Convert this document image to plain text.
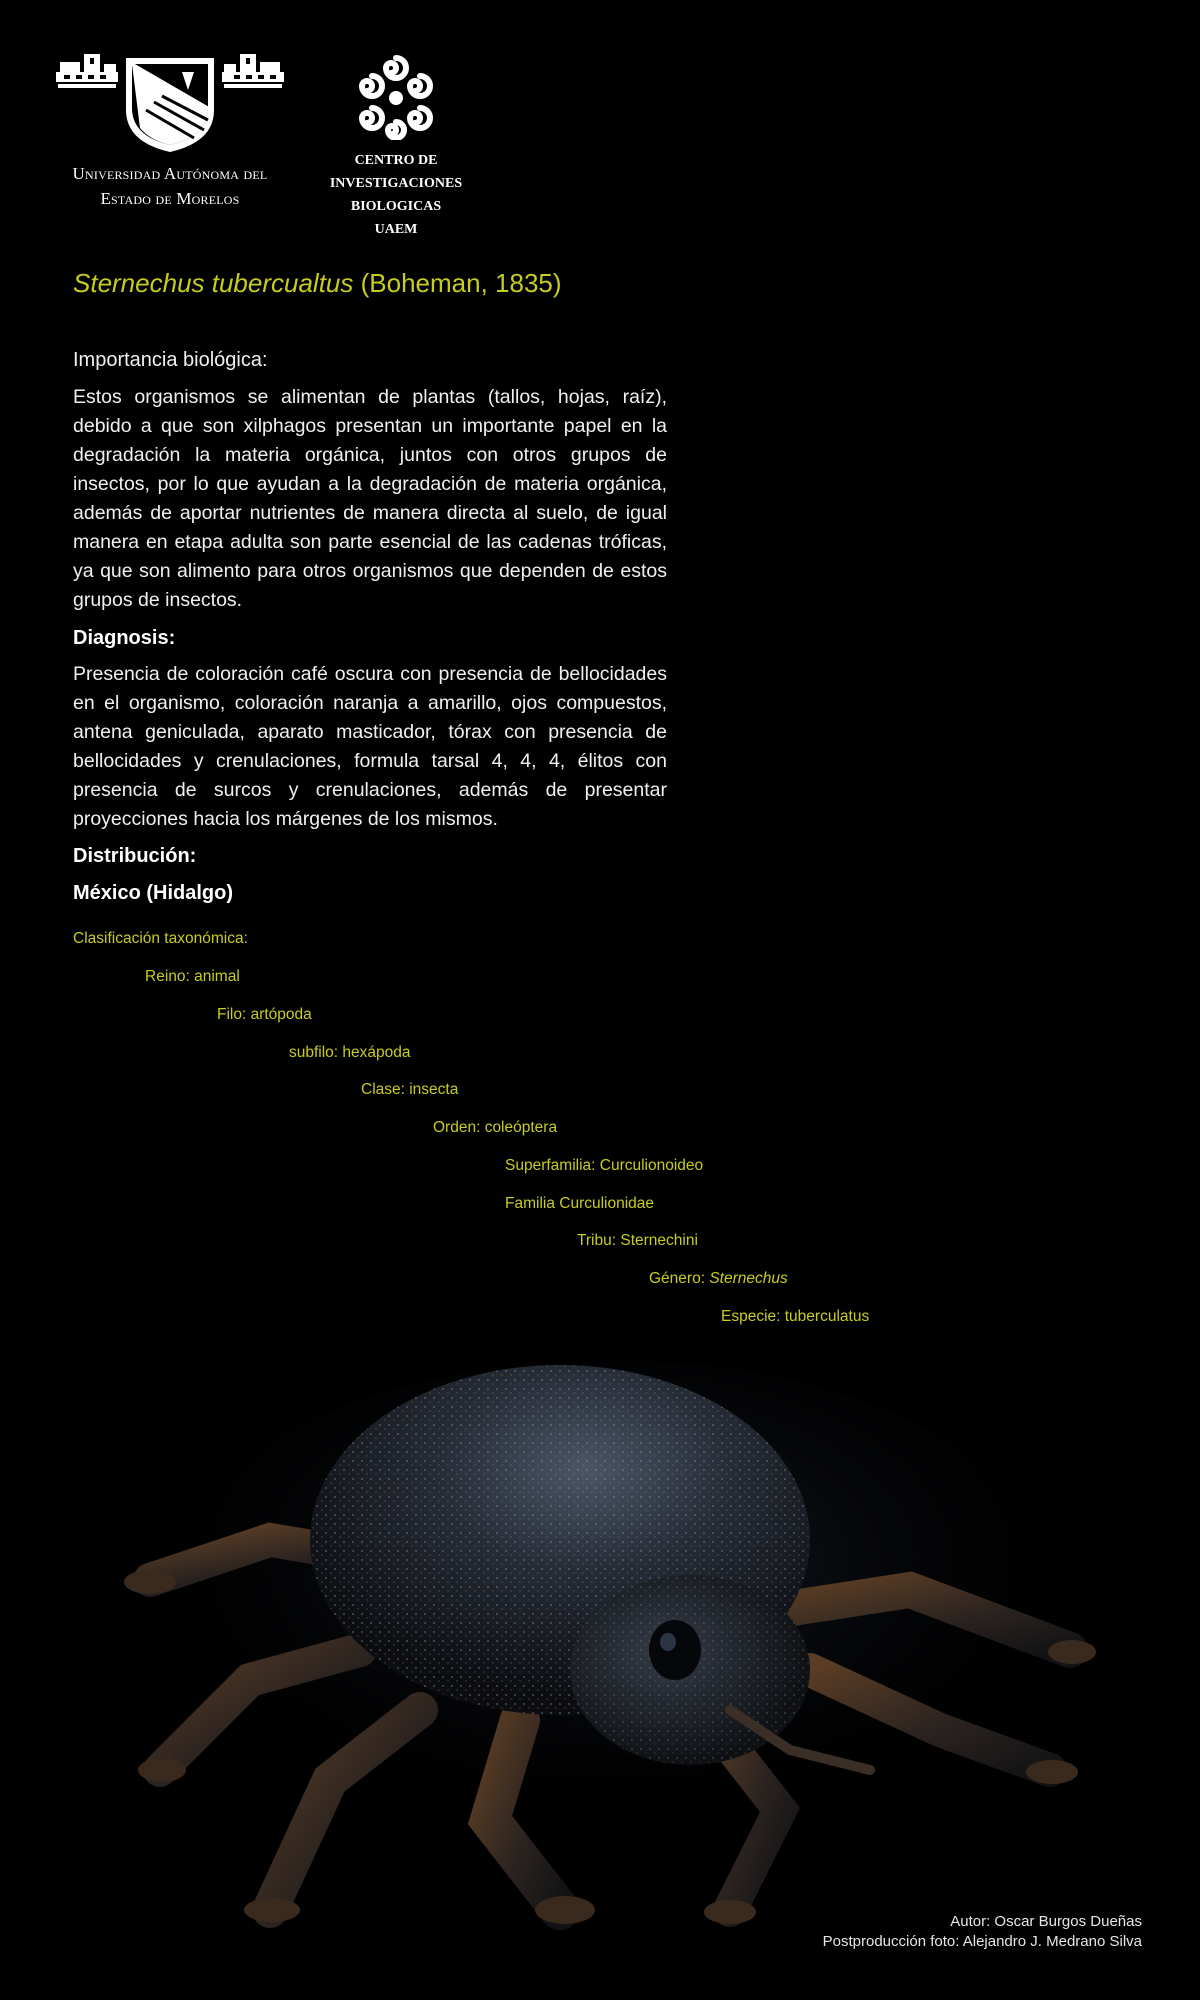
Universidad Autónoma del
Estado de Morelos
CENTRO DE
INVESTIGACIONES
BIOLOGICAS
UAEM
Sternechus tubercualtus (Boheman, 1835)
Importancia biológica:
Estos organismos se alimentan de plantas (tallos, hojas, raíz), debido a que son xilphagos presentan un importante papel en la degradación la materia orgánica, juntos con otros grupos de insectos, por lo que ayudan a la degradación de materia orgánica, además de aportar nutrientes de manera directa al suelo, de igual manera en etapa adulta son parte esencial de las cadenas tróficas, ya que son alimento para otros organismos que dependen de estos grupos de insectos.
Diagnosis:
Presencia de coloración café oscura con presencia de bellocidades en el organismo, coloración naranja a amarillo, ojos compuestos, antena geniculada, aparato masticador, tórax con presencia de bellocidades y crenulaciones, formula tarsal 4, 4, 4, élitos con presencia de surcos y crenulaciones, además de presentar proyecciones hacia los márgenes de los mismos.
Distribución:
México (Hidalgo)
Clasificación taxonómica:
Reino: animal
Filo: artópoda
subfilo: hexápoda
Clase: insecta
Orden: coleóptera
Superfamilia: Curculionoideo
Familia Curculionidae
Tribu: Sternechini
Género: Sternechus
Especie: tuberculatus
Autor: Oscar Burgos Dueñas
Postproducción foto: Alejandro J. Medrano Silva
